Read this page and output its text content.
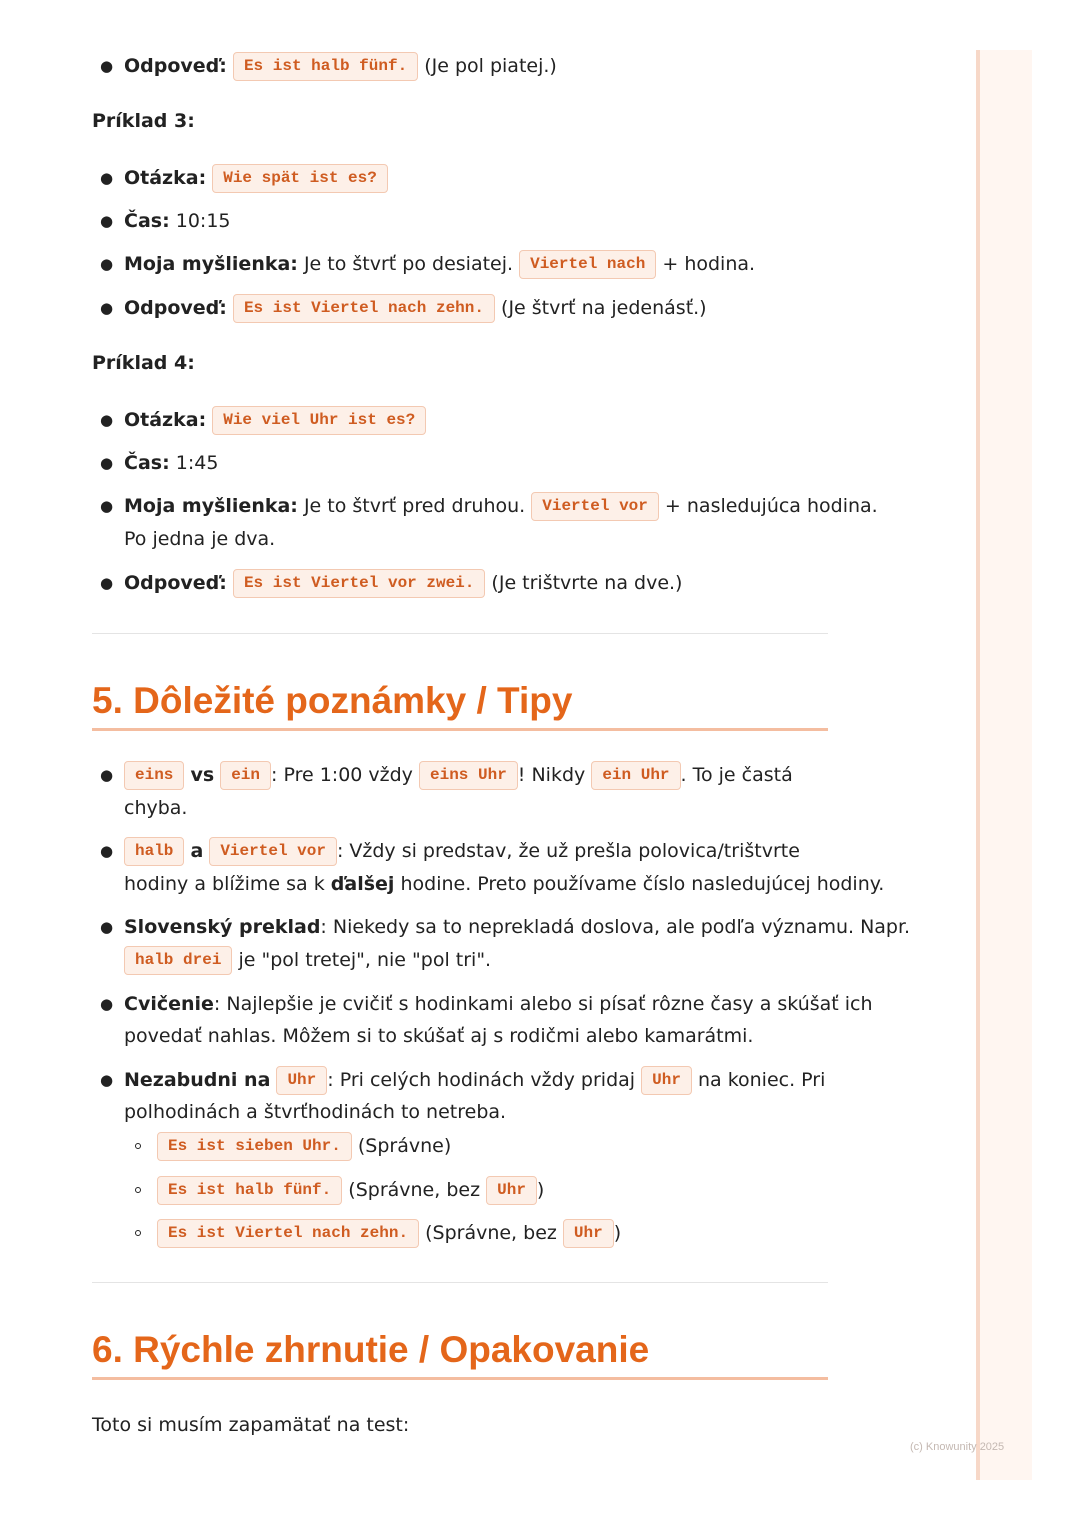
(c) Knowunity 2025
● Odpoveď: Es ist halb fünf. (Je pol piatej.)
Príklad 3:
● Otázka: Wie spät ist es?
● Čas: 10:15
● Moja myšlienka: Je to štvrť po desiatej. Viertel nach + hodina.
● Odpoveď: Es ist Viertel nach zehn. (Je štvrť na jedenásť.)
Príklad 4:
● Otázka: Wie viel Uhr ist es?
● Čas: 1:45
● Moja myšlienka: Je to štvrť pred druhou. Viertel vor + nasledujúca hodina.
Po jedna je dva.
● Odpoveď: Es ist Viertel vor zwei. (Je trištvrte na dve.)
5. Dôležité poznámky / Tipy
●	eins vs ein : Pre 1:00 vždy eins Uhr ! Nikdy ein Uhr . To je častá
chyba.
●	halb a Viertel vor : Vždy si predstav, že už prešla polovica/trištvrte
hodiny a blížime sa k ďalšej hodine. Preto používame číslo nasledujúcej hodiny.
● Slovenský preklad: Niekedy sa to neprekladá doslova, ale podľa významu. Napr.
halb drei je "pol tretej", nie "pol tri".
● Cvičenie: Najlepšie je cvičiť s hodinkami alebo si písať rôzne časy a skúšať ich
povedať nahlas. Môžem si to skúšať aj s rodičmi alebo kamarátmi.
● Nezabudni na Uhr : Pri celých hodinách vždy pridaj Uhr na koniec. Pri
polhodinách a štvrťhodinách to netreba.
Es ist sieben Uhr. (Správne)
Es ist halb fünf. (Správne, bez Uhr )
Es ist Viertel nach zehn. (Správne, bez Uhr )
6. Rýchle zhrnutie / Opakovanie
Toto si musím zapamätať na test:
